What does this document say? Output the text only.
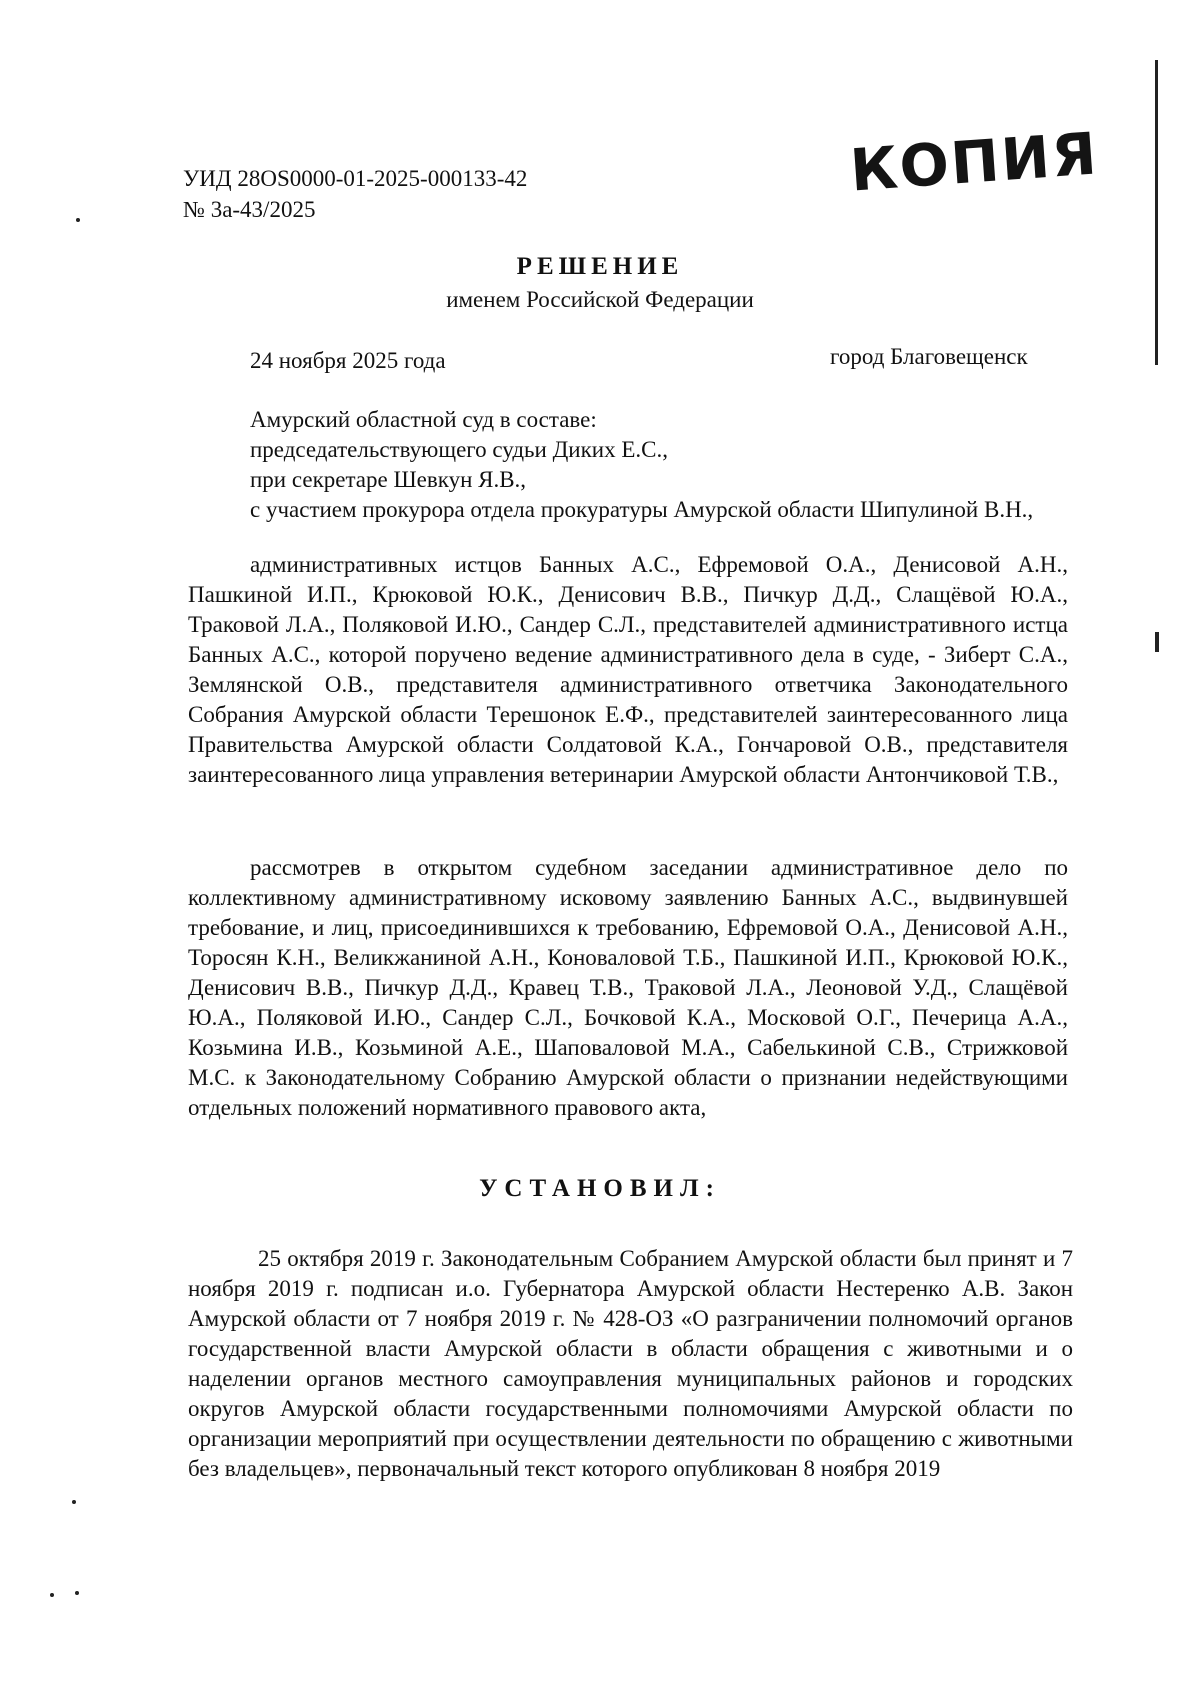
УИД 28OS0000-01-2025-000133-42
№ 3а-43/2025
КОПИЯ
РЕШЕНИЕ
именем Российской Федерации
24 ноября 2025 года	город Благовещенск
Амурский областной суд в составе:
председательствующего судьи Диких Е.С.,
при секретаре Шевкун Я.В.,
с участием прокурора отдела прокуратуры Амурской области Шипулиной В.Н.,
административных истцов Банных А.С., Ефремовой О.А., Денисовой А.Н., Пашкиной И.П., Крюковой Ю.К., Денисович В.В., Пичкур Д.Д., Слащёвой Ю.А., Траковой Л.А., Поляковой И.Ю., Сандер С.Л., представителей административного истца Банных А.С., которой поручено ведение административного дела в суде, - Зиберт С.А., Землянской О.В., представителя административного ответчика Законодательного Собрания Амурской области Терешонок Е.Ф., представителей заинтересованного лица Правительства Амурской области Солдатовой К.А., Гончаровой О.В., представителя заинтересованного лица управления ветеринарии Амурской области Антончиковой Т.В.,
рассмотрев в открытом судебном заседании административное дело по коллективному административному исковому заявлению Банных А.С., выдвинувшей требование, и лиц, присоединившихся к требованию, Ефремовой О.А., Денисовой А.Н., Торосян К.Н., Великжаниной А.Н., Коноваловой Т.Б., Пашкиной И.П., Крюковой Ю.К., Денисович В.В., Пичкур Д.Д., Кравец Т.В., Траковой Л.А., Леоновой У.Д., Слащёвой Ю.А., Поляковой И.Ю., Сандер С.Л., Бочковой К.А., Московой О.Г., Печерица А.А., Козьмина И.В., Козьминой А.Е., Шаповаловой М.А., Сабелькиной С.В., Стрижковой М.С. к Законодательному Собранию Амурской области о признании недействующими отдельных положений нормативного правового акта,
УСТАНОВИЛ:
25 октября 2019 г. Законодательным Собранием Амурской области был принят и 7 ноября 2019 г. подписан и.о. Губернатора Амурской области Нестеренко А.В. Закон Амурской области от 7 ноября 2019 г. № 428-ОЗ «О разграничении полномочий органов государственной власти Амурской области в области обращения с животными и о наделении органов местного самоуправления муниципальных районов и городских округов Амурской области государственными полномочиями Амурской области по организации мероприятий при осуществлении деятельности по обращению с животными без владельцев», первоначальный текст которого опубликован 8 ноября 2019
